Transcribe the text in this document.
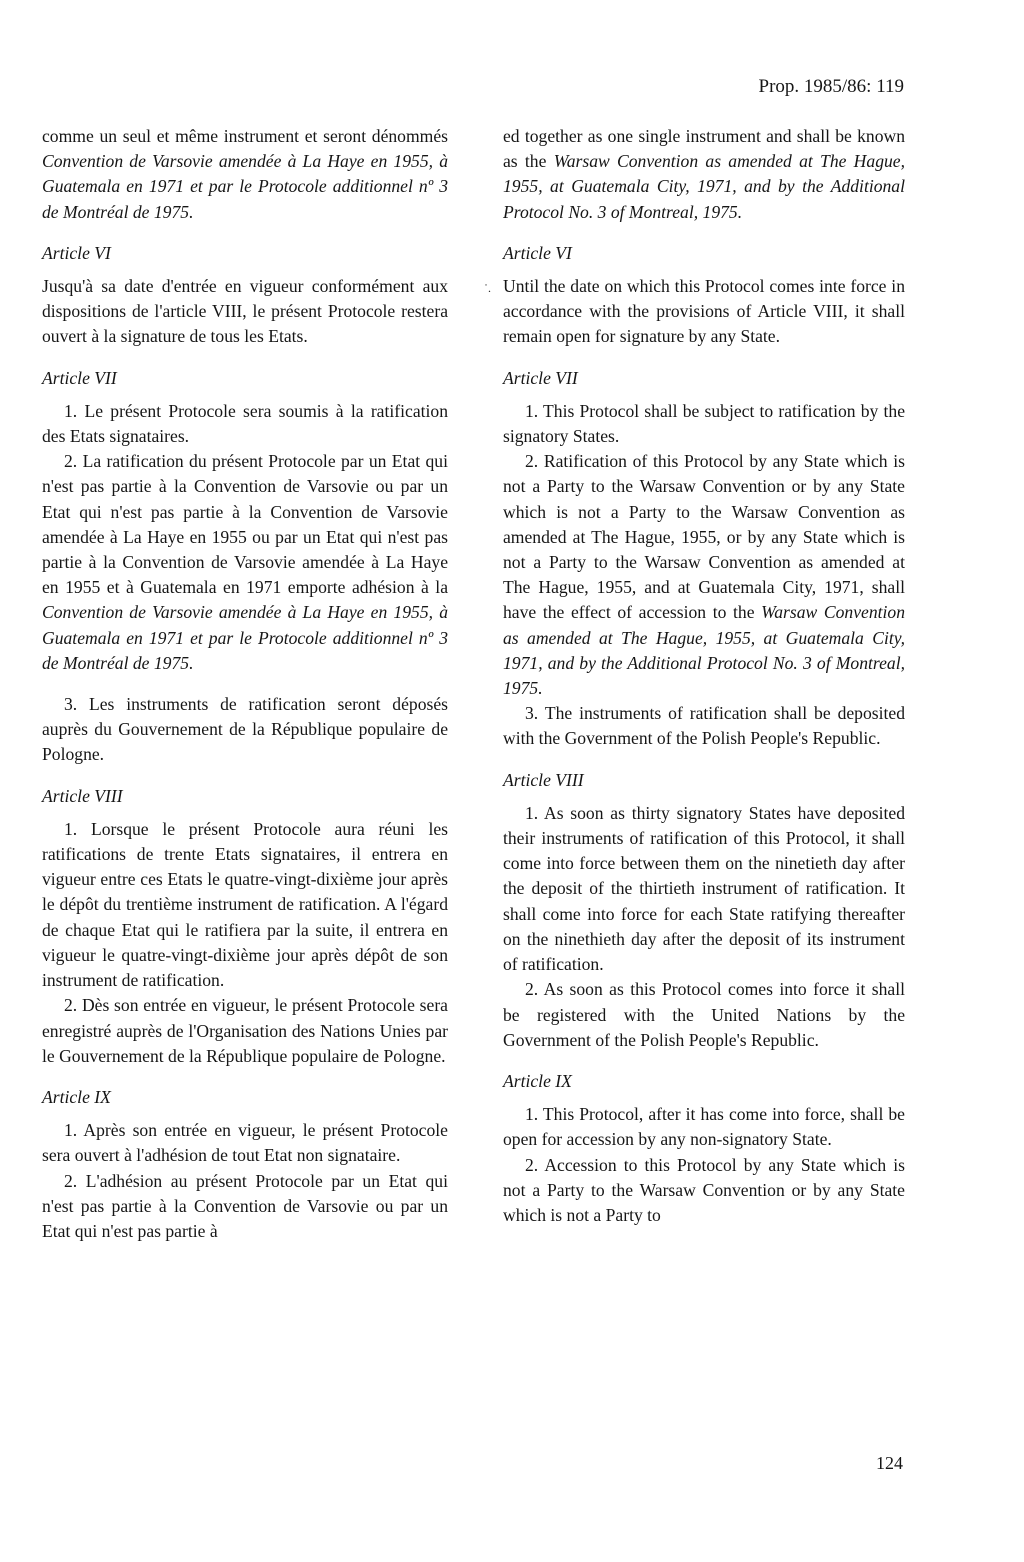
Prop. 1985/86: 119
˙.

comme un seul et même instrument et seront dénommés Convention de Varsovie amendée à La Haye en 1955, à Guatemala en 1971 et par le Protocole additionnel nº 3 de Montréal de 1975.

Article VI

Jusqu'à sa date d'entrée en vigueur conformément aux dispositions de l'article VIII, le présent Protocole restera ouvert à la signature de tous les Etats.

Article VII

1. Le présent Protocole sera soumis à la ratification des Etats signataires.

2. La ratification du présent Protocole par un Etat qui n'est pas partie à la Convention de Varsovie ou par un Etat qui n'est pas partie à la Convention de Varsovie amendée à La Haye en 1955 ou par un Etat qui n'est pas partie à la Convention de Varsovie amendée à La Haye en 1955 et à Guatemala en 1971 emporte adhésion à la Convention de Varsovie amendée à La Haye en 1955, à Guatemala en 1971 et par le Protocole additionnel nº 3 de Montréal de 1975.

3. Les instruments de ratification seront déposés auprès du Gouvernement de la République populaire de Pologne.

Article VIII

1. Lorsque le présent Protocole aura réuni les ratifications de trente Etats signataires, il entrera en vigueur entre ces Etats le quatre-vingt-dixième jour après le dépôt du trentième instrument de ratification. A l'égard de chaque Etat qui le ratifiera par la suite, il entrera en vigueur le quatre-vingt-dixième jour après dépôt de son instrument de ratification.

2. Dès son entrée en vigueur, le présent Protocole sera enregistré auprès de l'Organisation des Nations Unies par le Gouvernement de la République populaire de Pologne.

Article IX

1. Après son entrée en vigueur, le présent Protocole sera ouvert à l'adhésion de tout Etat non signataire.

2. L'adhésion au présent Protocole par un Etat qui n'est pas partie à la Convention de Varsovie ou par un Etat qui n'est pas partie à

ed together as one single instrument and shall be known as the Warsaw Convention as amended at The Hague, 1955, at Guatemala City, 1971, and by the Additional Protocol No. 3 of Montreal, 1975.

Article VI

Until the date on which this Protocol comes inte force in accordance with the provisions of Article VIII, it shall remain open for signature by any State.

Article VII

1. This Protocol shall be subject to ratification by the signatory States.

2. Ratification of this Protocol by any State which is not a Party to the Warsaw Convention or by any State which is not a Party to the Warsaw Convention as amended at The Hague, 1955, or by any State which is not a Party to the Warsaw Convention as amended at The Hague, 1955, and at Guatemala City, 1971, shall have the effect of accession to the Warsaw Convention as amended at The Hague, 1955, at Guatemala City, 1971, and by the Additional Protocol No. 3 of Montreal, 1975.

3. The instruments of ratification shall be deposited with the Government of the Polish People's Republic.

Article VIII

1. As soon as thirty signatory States have deposited their instruments of ratification of this Protocol, it shall come into force between them on the ninetieth day after the deposit of the thirtieth instrument of ratification. It shall come into force for each State ratifying thereafter on the ninethieth day after the deposit of its instrument of ratification.

2. As soon as this Protocol comes into force it shall be registered with the United Nations by the Government of the Polish People's Republic.

Article IX

1. This Protocol, after it has come into force, shall be open for accession by any non-signatory State.

2. Accession to this Protocol by any State which is not a Party to the Warsaw Convention or by any State which is not a Party to

124
